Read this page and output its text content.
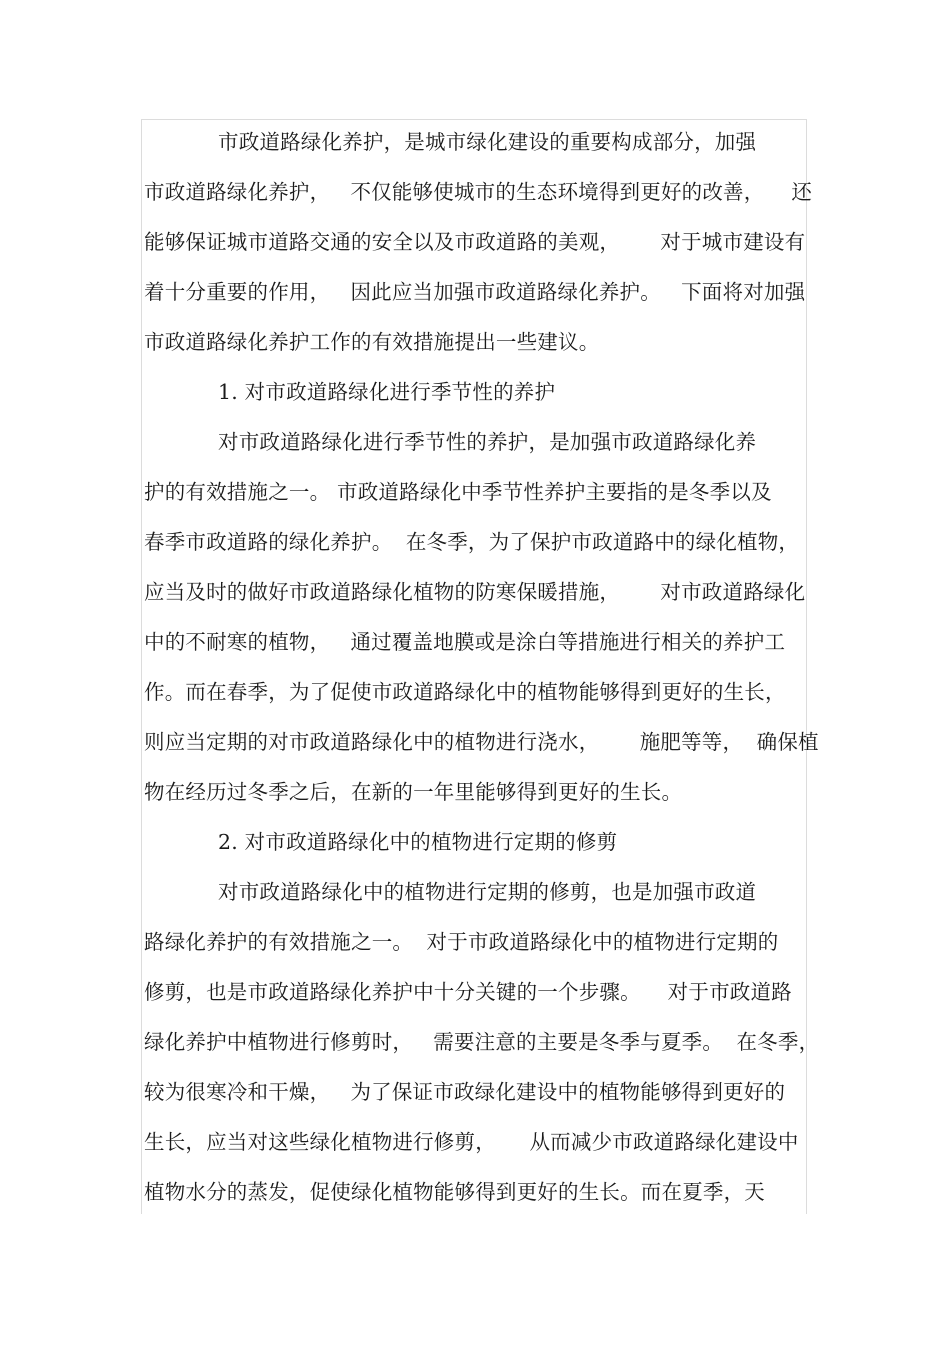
市政道路绿化养护，是城市绿化建设的重要构成部分，加强
市政道路绿化养护，   不仅能够使城市的生态环境得到更好的改善，    还
能够保证城市道路交通的安全以及市政道路的美观，      对于城市建设有
着十分重要的作用，   因此应当加强市政道路绿化养护。   下面将对加强
市政道路绿化养护工作的有效措施提出一些建议。
1. 对市政道路绿化进行季节性的养护
对市政道路绿化进行季节性的养护，是加强市政道路绿化养
护的有效措施之一。 市政道路绿化中季节性养护主要指的是冬季以及
春季市政道路的绿化养护。  在冬季，为了保护市政道路中的绿化植物，
应当及时的做好市政道路绿化植物的防寒保暖措施，      对市政道路绿化
中的不耐寒的植物，   通过覆盖地膜或是涂白等措施进行相关的养护工
作。而在春季，为了促使市政道路绿化中的植物能够得到更好的生长，
则应当定期的对市政道路绿化中的植物进行浇水，      施肥等等，  确保植
物在经历过冬季之后，在新的一年里能够得到更好的生长。
2. 对市政道路绿化中的植物进行定期的修剪
对市政道路绿化中的植物进行定期的修剪，也是加强市政道
路绿化养护的有效措施之一。  对于市政道路绿化中的植物进行定期的
修剪，也是市政道路绿化养护中十分关键的一个步骤。    对于市政道路
绿化养护中植物进行修剪时，   需要注意的主要是冬季与夏季。  在冬季，
较为很寒冷和干燥，   为了保证市政绿化建设中的植物能够得到更好的
生长，应当对这些绿化植物进行修剪，     从而减少市政道路绿化建设中
植物水分的蒸发，促使绿化植物能够得到更好的生长。而在夏季，天
